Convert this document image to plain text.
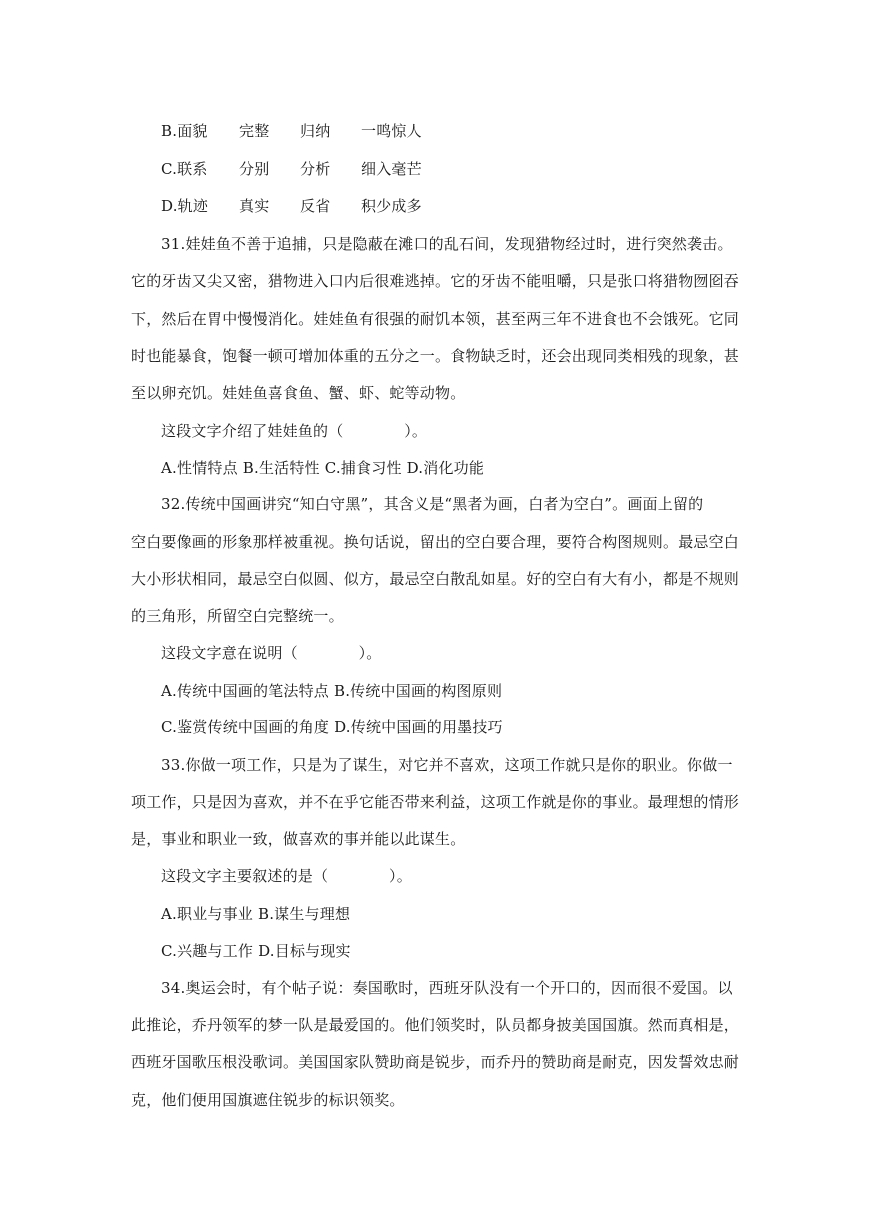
B.面貌 完整 归纳 一鸣惊人
C.联系 分别 分析 细入毫芒
D.轨迹 真实 反省 积少成多
31.娃娃鱼不善于追捕，只是隐蔽在滩口的乱石间，发现猎物经过时，进行突然袭击。
它的牙齿又尖又密，猎物进入口内后很难逃掉。它的牙齿不能咀嚼，只是张口将猎物囫囵吞
下，然后在胃中慢慢消化。娃娃鱼有很强的耐饥本领，甚至两三年不进食也不会饿死。它同
时也能暴食，饱餐一顿可增加体重的五分之一。食物缺乏时，还会出现同类相残的现象，甚
至以卵充饥。娃娃鱼喜食鱼、蟹、虾、蛇等动物。
这段文字介绍了娃娃鱼的（　　　　）。
A.性情特点 B.生活特性 C.捕食习性 D.消化功能
32.传统中国画讲究“知白守黑”，其含义是“黑者为画，白者为空白”。画面上留的
空白要像画的形象那样被重视。换句话说，留出的空白要合理，要符合构图规则。最忌空白
大小形状相同，最忌空白似圆、似方，最忌空白散乱如星。好的空白有大有小，都是不规则
的三角形，所留空白完整统一。
这段文字意在说明（　　　　）。
A.传统中国画的笔法特点 B.传统中国画的构图原则
C.鉴赏传统中国画的角度 D.传统中国画的用墨技巧
33.你做一项工作，只是为了谋生，对它并不喜欢，这项工作就只是你的职业。你做一
项工作，只是因为喜欢，并不在乎它能否带来利益，这项工作就是你的事业。最理想的情形
是，事业和职业一致，做喜欢的事并能以此谋生。
这段文字主要叙述的是（　　　　）。
A.职业与事业 B.谋生与理想
C.兴趣与工作 D.目标与现实
34.奥运会时，有个帖子说：奏国歌时，西班牙队没有一个开口的，因而很不爱国。以
此推论，乔丹领军的梦一队是最爱国的。他们领奖时，队员都身披美国国旗。然而真相是，
西班牙国歌压根没歌词。美国国家队赞助商是锐步，而乔丹的赞助商是耐克，因发誓效忠耐
克，他们便用国旗遮住锐步的标识领奖。
